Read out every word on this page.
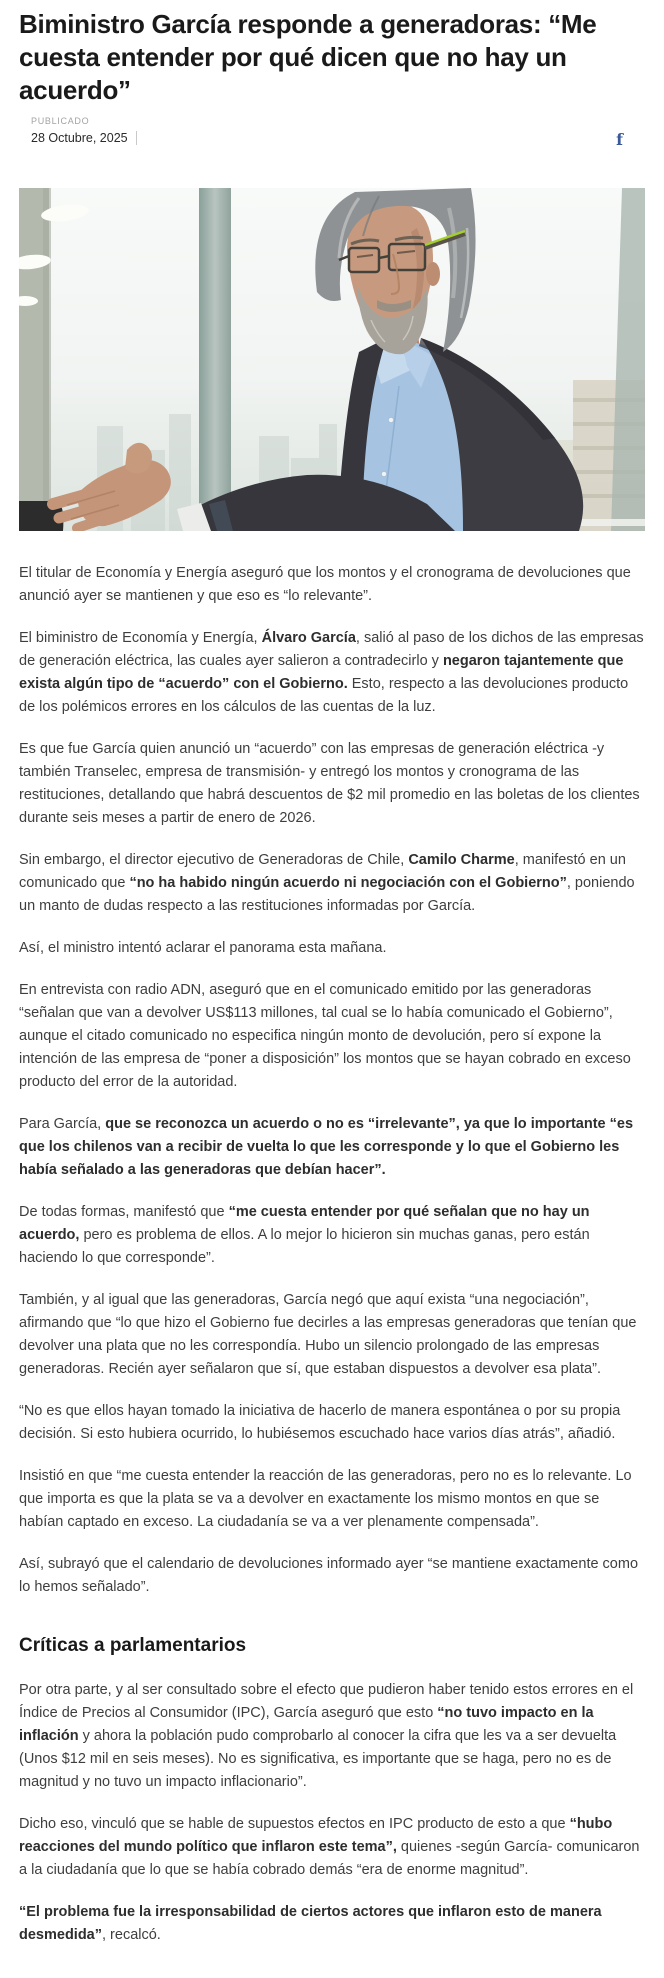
Biministro García responde a generadoras: “Me cuesta entender por qué dicen que no hay un acuerdo”
PUBLICADO
28 Octubre, 2025	f

El titular de Economía y Energía aseguró que los montos y el cronograma de devoluciones que anunció ayer se mantienen y que eso es “lo relevante”.

El biministro de Economía y Energía, Álvaro García, salió al paso de los dichos de las empresas de generación eléctrica, las cuales ayer salieron a contradecirlo y negaron tajantemente que exista algún tipo de “acuerdo” con el Gobierno. Esto, respecto a las devoluciones producto de los polémicos errores en los cálculos de las cuentas de la luz.

Es que fue García quien anunció un “acuerdo” con las empresas de generación eléctrica -y también Transelec, empresa de transmisión- y entregó los montos y cronograma de las restituciones, detallando que habrá descuentos de $2 mil promedio en las boletas de los clientes durante seis meses a partir de enero de 2026.

Sin embargo, el director ejecutivo de Generadoras de Chile, Camilo Charme, manifestó en un comunicado que “no ha habido ningún acuerdo ni negociación con el Gobierno”, poniendo un manto de dudas respecto a las restituciones informadas por García.

Así, el ministro intentó aclarar el panorama esta mañana.

En entrevista con radio ADN, aseguró que en el comunicado emitido por las generadoras “señalan que van a devolver US$113 millones, tal cual se lo había comunicado el Gobierno”, aunque el citado comunicado no especifica ningún monto de devolución, pero sí expone la intención de las empresa de “poner a disposición” los montos que se hayan cobrado en exceso producto del error de la autoridad.

Para García, que se reconozca un acuerdo o no es “irrelevante”, ya que lo importante “es que los chilenos van a recibir de vuelta lo que les corresponde y lo que el Gobierno les había señalado a las generadoras que debían hacer”.

De todas formas, manifestó que “me cuesta entender por qué señalan que no hay un acuerdo, pero es problema de ellos. A lo mejor lo hicieron sin muchas ganas, pero están haciendo lo que corresponde”.

También, y al igual que las generadoras, García negó que aquí exista “una negociación”, afirmando que “lo que hizo el Gobierno fue decirles a las empresas generadoras que tenían que devolver una plata que no les correspondía. Hubo un silencio prolongado de las empresas generadoras. Recién ayer señalaron que sí, que estaban dispuestos a devolver esa plata”.

“No es que ellos hayan tomado la iniciativa de hacerlo de manera espontánea o por su propia decisión. Si esto hubiera ocurrido, lo hubiésemos escuchado hace varios días atrás”, añadió.

Insistió en que “me cuesta entender la reacción de las generadoras, pero no es lo relevante. Lo que importa es que la plata se va a devolver en exactamente los mismo montos en que se habían captado en exceso. La ciudadanía se va a ver plenamente compensada”.

Así, subrayó que el calendario de devoluciones informado ayer “se mantiene exactamente como lo hemos señalado”.

Críticas a parlamentarios

Por otra parte, y al ser consultado sobre el efecto que pudieron haber tenido estos errores en el Índice de Precios al Consumidor (IPC), García aseguró que esto “no tuvo impacto en la inflación y ahora la población pudo comprobarlo al conocer la cifra que les va a ser devuelta (Unos $12 mil en seis meses). No es significativa, es importante que se haga, pero no es de magnitud y no tuvo un impacto inflacionario”.

Dicho eso, vinculó que se hable de supuestos efectos en IPC producto de esto a que “hubo reacciones del mundo político que inflaron este tema”, quienes -según García- comunicaron a la ciudadanía que lo que se había cobrado demás “era de enorme magnitud”.

“El problema fue la irresponsabilidad de ciertos actores que inflaron esto de manera desmedida”, recalcó.
